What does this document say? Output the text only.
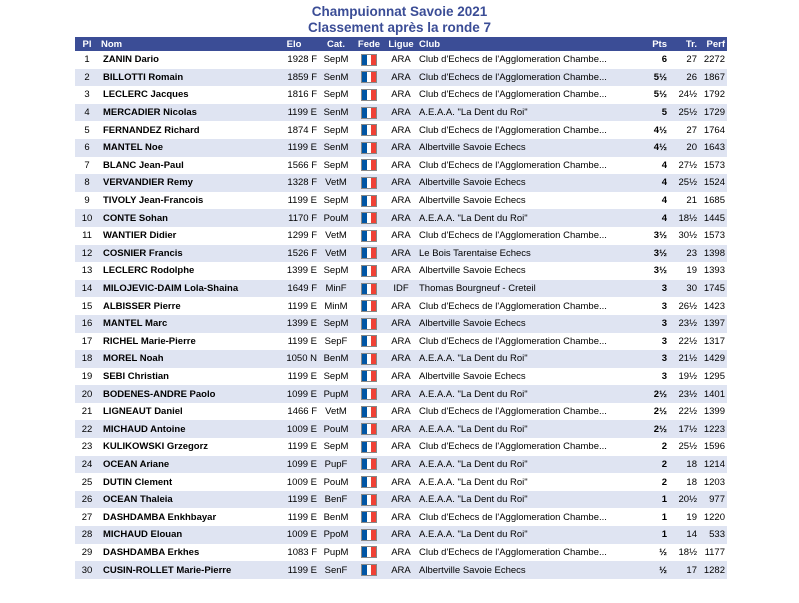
Champuionnat Savoie 2021
Classement après la ronde 7
Pl	Nom	Elo	Cat.	Fede	Ligue	Club	Pts	Tr.	Perf
1	ZANIN Dario	1928 F	SepM		ARA	Club d'Echecs de l'Agglomeration Chambe...	6	27	2272
2	BILLOTTI Romain	1859 F	SenM		ARA	Club d'Echecs de l'Agglomeration Chambe...	5½	26	1867
3	LECLERC Jacques	1816 F	SepM		ARA	Club d'Echecs de l'Agglomeration Chambe...	5½	24½	1792
4	MERCADIER Nicolas	1199 E	SenM		ARA	A.E.A.A. "La Dent du Roi"	5	25½	1729
5	FERNANDEZ Richard	1874 F	SepM		ARA	Club d'Echecs de l'Agglomeration Chambe...	4½	27	1764
6	MANTEL Noe	1199 E	SenM		ARA	Albertville Savoie Echecs	4½	20	1643
7	BLANC Jean-Paul	1566 F	SepM		ARA	Club d'Echecs de l'Agglomeration Chambe...	4	27½	1573
8	VERVANDIER Remy	1328 F	VetM		ARA	Albertville Savoie Echecs	4	25½	1524
9	TIVOLY Jean-Francois	1199 E	SepM		ARA	Albertville Savoie Echecs	4	21	1685
10	CONTE Sohan	1170 F	PouM		ARA	A.E.A.A. "La Dent du Roi"	4	18½	1445
11	WANTIER Didier	1299 F	VetM		ARA	Club d'Echecs de l'Agglomeration Chambe...	3½	30½	1573
12	COSNIER Francis	1526 F	VetM		ARA	Le Bois Tarentaise Echecs	3½	23	1398
13	LECLERC Rodolphe	1399 E	SepM		ARA	Albertville Savoie Echecs	3½	19	1393
14	MILOJEVIC-DAIM Lola-Shaina	1649 F	MinF		IDF	Thomas Bourgneuf - Creteil	3	30	1745
15	ALBISSER Pierre	1199 E	MinM		ARA	Club d'Echecs de l'Agglomeration Chambe...	3	26½	1423
16	MANTEL Marc	1399 E	SepM		ARA	Albertville Savoie Echecs	3	23½	1397
17	RICHEL Marie-Pierre	1199 E	SepF		ARA	Club d'Echecs de l'Agglomeration Chambe...	3	22½	1317
18	MOREL Noah	1050 N	BenM		ARA	A.E.A.A. "La Dent du Roi"	3	21½	1429
19	SEBI Christian	1199 E	SepM		ARA	Albertville Savoie Echecs	3	19½	1295
20	BODENES-ANDRE Paolo	1099 E	PupM		ARA	A.E.A.A. "La Dent du Roi"	2½	23½	1401
21	LIGNEAUT Daniel	1466 F	VetM		ARA	Club d'Echecs de l'Agglomeration Chambe...	2½	22½	1399
22	MICHAUD Antoine	1009 E	PouM		ARA	A.E.A.A. "La Dent du Roi"	2½	17½	1223
23	KULIKOWSKI Grzegorz	1199 E	SepM		ARA	Club d'Echecs de l'Agglomeration Chambe...	2	25½	1596
24	OCEAN Ariane	1099 E	PupF		ARA	A.E.A.A. "La Dent du Roi"	2	18	1214
25	DUTIN Clement	1009 E	PouM		ARA	A.E.A.A. "La Dent du Roi"	2	18	1203
26	OCEAN Thaleia	1199 E	BenF		ARA	A.E.A.A. "La Dent du Roi"	1	20½	977
27	DASHDAMBA Enkhbayar	1199 E	BenM		ARA	Club d'Echecs de l'Agglomeration Chambe...	1	19	1220
28	MICHAUD Elouan	1009 E	PpoM		ARA	A.E.A.A. "La Dent du Roi"	1	14	533
29	DASHDAMBA Erkhes	1083 F	PupM		ARA	Club d'Echecs de l'Agglomeration Chambe...	½	18½	1177
30	CUSIN-ROLLET Marie-Pierre	1199 E	SenF		ARA	Albertville Savoie Echecs	½	17	1282
